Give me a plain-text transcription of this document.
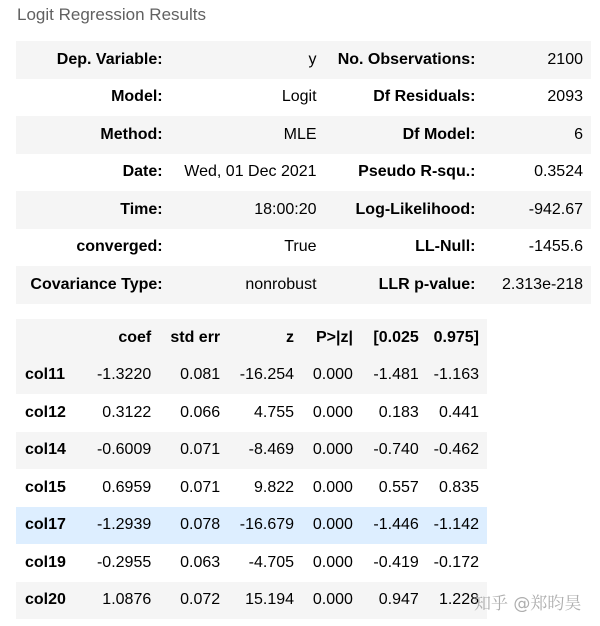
Logit Regression Results
Dep. Variable:	y	No. Observations:	2100
Model:	Logit	Df Residuals:	2093
Method:	MLE	Df Model:	6
Date:	Wed, 01 Dec 2021	Pseudo R-squ.:	0.3524
Time:	18:00:20	Log-Likelihood:	-942.67
converged:	True	LL-Null:	-1455.6
Covariance Type:	nonrobust	LLR p-value:	2.313e-218
	coef	std err	z	P>|z|	[0.025	0.975]
col11	-1.3220	0.081	-16.254	0.000	-1.481	-1.163
col12	0.3122	0.066	4.755	0.000	0.183	0.441
col14	-0.6009	0.071	-8.469	0.000	-0.740	-0.462
col15	0.6959	0.071	9.822	0.000	0.557	0.835
col17	-1.2939	0.078	-16.679	0.000	-1.446	-1.142
col19	-0.2955	0.063	-4.705	0.000	-0.419	-0.172
col20	1.0876	0.072	15.194	0.000	0.947	1.228
知乎 @郑昀昊
